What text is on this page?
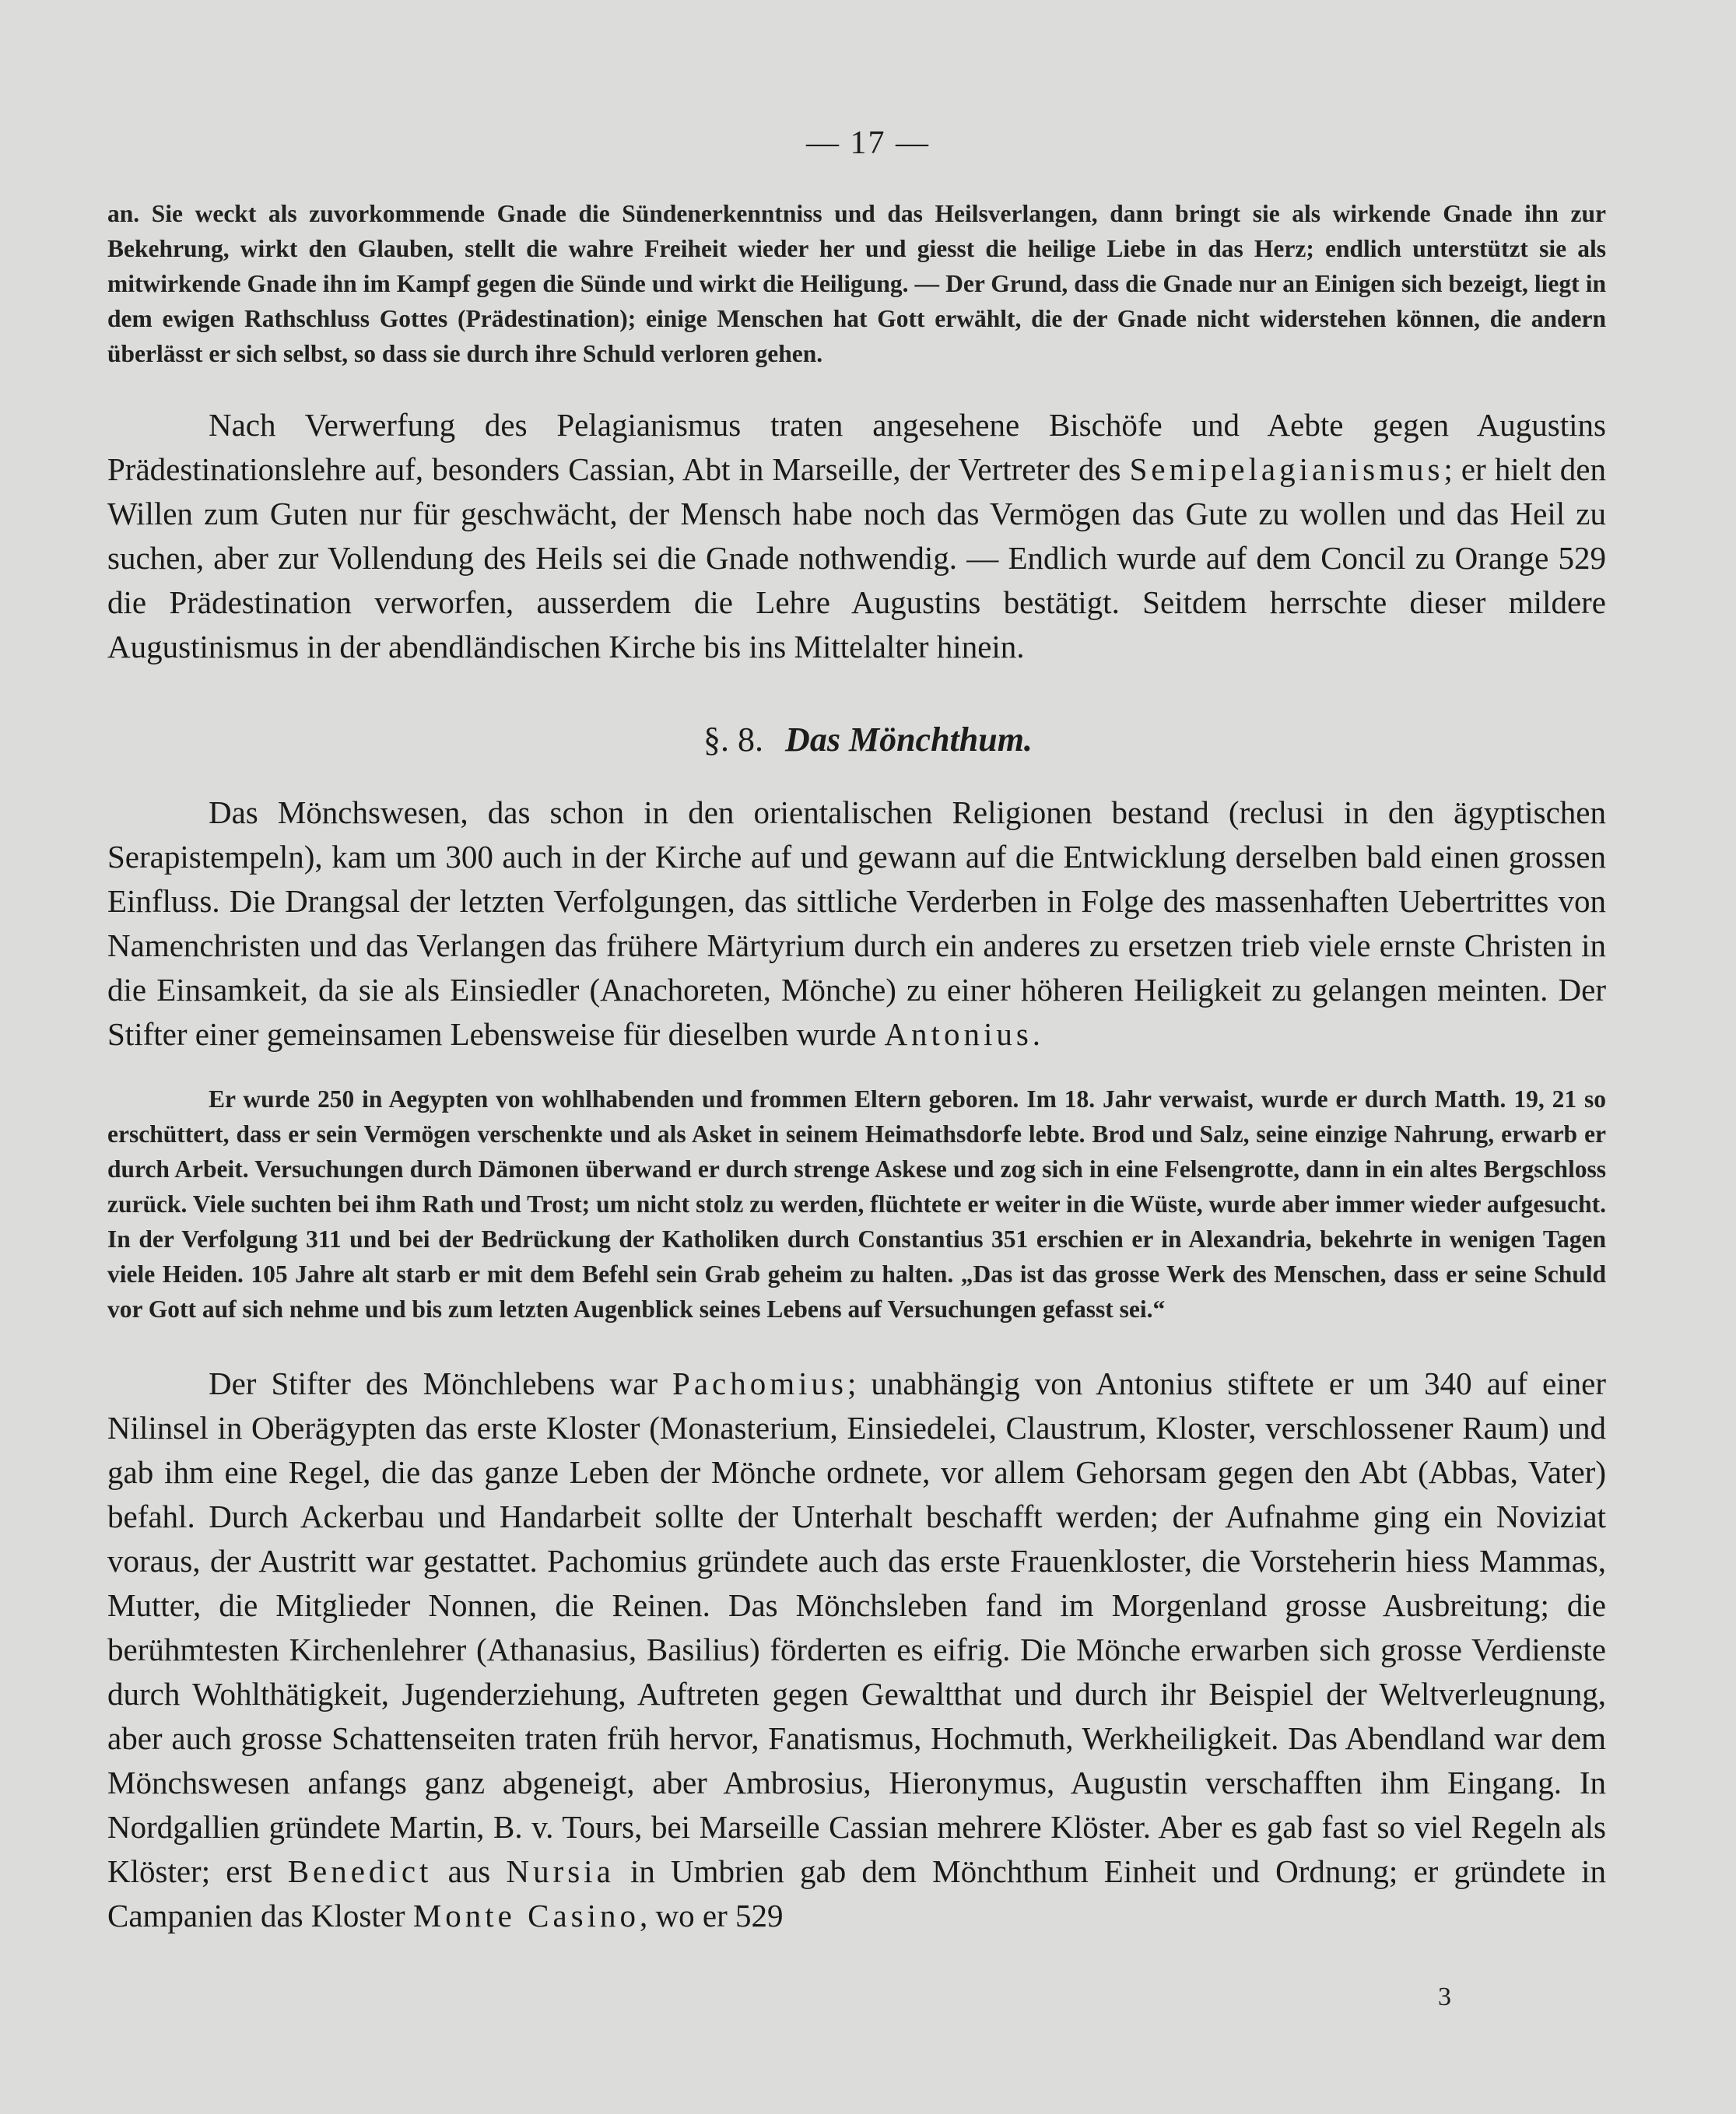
— 17 —

an. Sie weckt als zuvorkommende Gnade die Sündenerkenntniss und das Heilsverlangen, dann bringt sie als wirkende Gnade ihn zur Bekehrung, wirkt den Glauben, stellt die wahre Freiheit wieder her und giesst die heilige Liebe in das Herz; endlich unterstützt sie als mitwirkende Gnade ihn im Kampf gegen die Sünde und wirkt die Heiligung. — Der Grund, dass die Gnade nur an Einigen sich bezeigt, liegt in dem ewigen Rathschluss Gottes (Prädestination); einige Menschen hat Gott erwählt, die der Gnade nicht widerstehen können, die andern überlässt er sich selbst, so dass sie durch ihre Schuld verloren gehen.

Nach Verwerfung des Pelagianismus traten angesehene Bischöfe und Aebte gegen Augustins Prädestinationslehre auf, besonders Cassian, Abt in Marseille, der Vertreter des Semipelagianismus; er hielt den Willen zum Guten nur für geschwächt, der Mensch habe noch das Vermögen das Gute zu wollen und das Heil zu suchen, aber zur Vollendung des Heils sei die Gnade nothwendig. — Endlich wurde auf dem Concil zu Orange 529 die Prädestination verworfen, ausserdem die Lehre Augustins bestätigt. Seitdem herrschte dieser mildere Augustinismus in der abendländischen Kirche bis ins Mittelalter hinein.

§. 8. Das Mönchthum.

Das Mönchswesen, das schon in den orientalischen Religionen bestand (reclusi in den ägyptischen Serapistempeln), kam um 300 auch in der Kirche auf und gewann auf die Entwicklung derselben bald einen grossen Einfluss. Die Drangsal der letzten Verfolgungen, das sittliche Verderben in Folge des massenhaften Uebertrittes von Namenchristen und das Verlangen das frühere Märtyrium durch ein anderes zu ersetzen trieb viele ernste Christen in die Einsamkeit, da sie als Einsiedler (Anachoreten, Mönche) zu einer höheren Heiligkeit zu gelangen meinten. Der Stifter einer gemeinsamen Lebensweise für dieselben wurde Antonius.

Er wurde 250 in Aegypten von wohlhabenden und frommen Eltern geboren. Im 18. Jahr verwaist, wurde er durch Matth. 19, 21 so erschüttert, dass er sein Vermögen verschenkte und als Asket in seinem Heimathsdorfe lebte. Brod und Salz, seine einzige Nahrung, erwarb er durch Arbeit. Versuchungen durch Dämonen überwand er durch strenge Askese und zog sich in eine Felsengrotte, dann in ein altes Bergschloss zurück. Viele suchten bei ihm Rath und Trost; um nicht stolz zu werden, flüchtete er weiter in die Wüste, wurde aber immer wieder aufgesucht. In der Verfolgung 311 und bei der Bedrückung der Katholiken durch Constantius 351 erschien er in Alexandria, bekehrte in wenigen Tagen viele Heiden. 105 Jahre alt starb er mit dem Befehl sein Grab geheim zu halten. „Das ist das grosse Werk des Menschen, dass er seine Schuld vor Gott auf sich nehme und bis zum letzten Augenblick seines Lebens auf Versuchungen gefasst sei.“

Der Stifter des Mönchlebens war Pachomius; unabhängig von Antonius stiftete er um 340 auf einer Nilinsel in Oberägypten das erste Kloster (Monasterium, Einsiedelei, Claustrum, Kloster, verschlossener Raum) und gab ihm eine Regel, die das ganze Leben der Mönche ordnete, vor allem Gehorsam gegen den Abt (Abbas, Vater) befahl. Durch Ackerbau und Handarbeit sollte der Unterhalt beschafft werden; der Aufnahme ging ein Noviziat voraus, der Austritt war gestattet. Pachomius gründete auch das erste Frauenkloster, die Vorsteherin hiess Mammas, Mutter, die Mitglieder Nonnen, die Reinen. Das Mönchsleben fand im Morgenland grosse Ausbreitung; die berühmtesten Kirchenlehrer (Athanasius, Basilius) förderten es eifrig. Die Mönche erwarben sich grosse Verdienste durch Wohlthätigkeit, Jugenderziehung, Auftreten gegen Gewaltthat und durch ihr Beispiel der Weltverleugnung, aber auch grosse Schattenseiten traten früh hervor, Fanatismus, Hochmuth, Werkheiligkeit. Das Abendland war dem Mönchswesen anfangs ganz abgeneigt, aber Ambrosius, Hieronymus, Augustin verschafften ihm Eingang. In Nordgallien gründete Martin, B. v. Tours, bei Marseille Cassian mehrere Klöster. Aber es gab fast so viel Regeln als Klöster; erst Benedict aus Nursia in Umbrien gab dem Mönchthum Einheit und Ordnung; er gründete in Campanien das Kloster Monte Casino, wo er 529

3
